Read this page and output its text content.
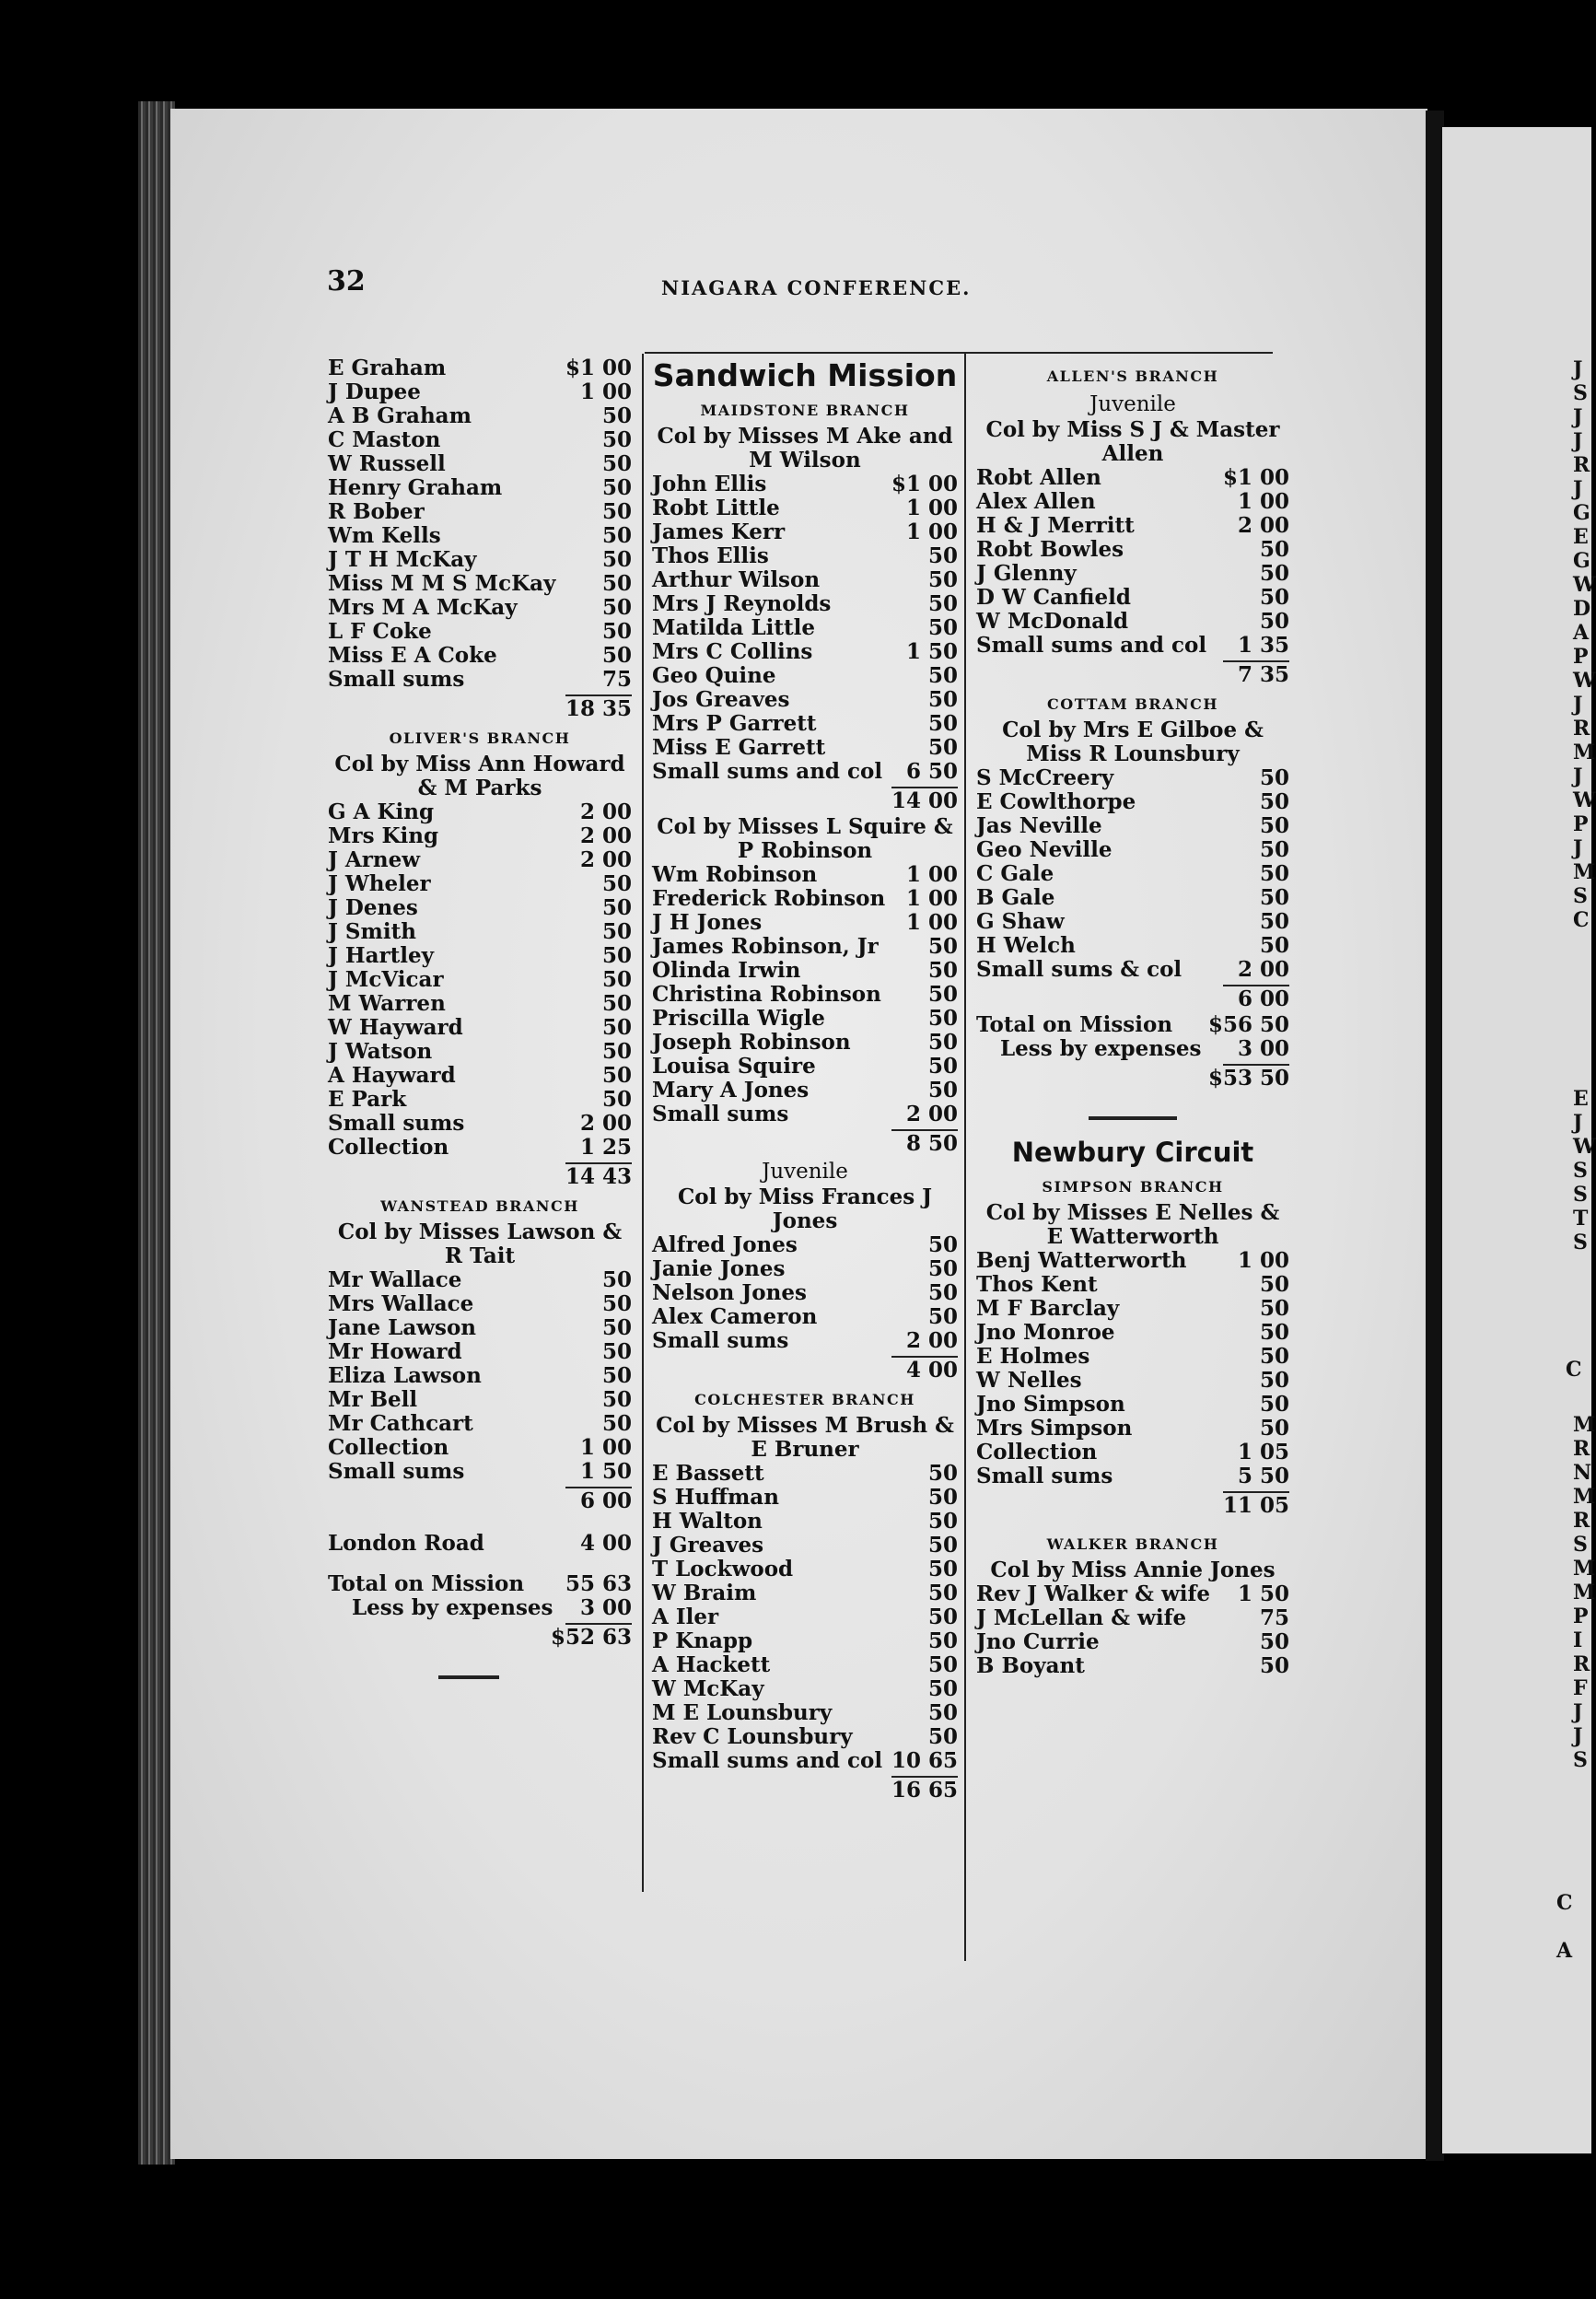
32	NIAGARA CONFERENCE.
E Graham	$1 00
J Dupee	1 00
A B Graham	50
C Maston	50
W Russell	50
Henry Graham	50
R Bober	50
Wm Kells	50
J T H McKay	50
Miss M M S McKay 50
Mrs M A McKay	50
L F Coke	50
Miss E A Coke	50
Small sums	75
18 35
OLIVER'S BRANCH
Col by Miss Ann Howard & M Parks
G A King	2 00
Mrs King	2 00
J Arnew	2 00
J Wheler	50
J Denes	50
J Smith	50
J Hartley	50
J McVicar	50
M Warren	50
W Hayward	50
J Watson	50
A Hayward	50
E Park	50
Small sums	2 00
Collection	1 25
14 43
WANSTEAD BRANCH
Col by Misses Lawson & R Tait
Mr Wallace	50
Mrs Wallace	50
Jane Lawson	50
Mr Howard	50
Eliza Lawson	50
Mr Bell	50
Mr Cathcart	50
Collection	1 00
Small sums	1 50
6 00
London Road	4 00
Total on Mission 55 63
Less by expenses 3 00
$52 63
Sandwich Mission
MAIDSTONE BRANCH
Col by Misses M Ake and M Wilson
John Ellis	$1 00
Robt Little	1 00
James Kerr	1 00
Thos Ellis	50
Arthur Wilson	50
Mrs J Reynolds	50
Matilda Little	50
Mrs C Collins	1 50
Geo Quine	50
Jos Greaves	50
Mrs P Garrett	50
Miss E Garrett	50
Small sums and col 6 50
14 00
Col by Misses L Squire & P Robinson
Wm Robinson	1 00
Frederick Robinson 1 00
J H Jones	1 00
James Robinson, Jr 50
Olinda Irwin	50
Christina Robinson 50
Priscilla Wigle	50
Joseph Robinson	50
Louisa Squire	50
Mary A Jones	50
Small sums	2 00
8 50
Juvenile
Col by Miss Frances J Jones
Alfred Jones	50
Janie Jones	50
Nelson Jones	50
Alex Cameron	50
Small sums	2 00
4 00
COLCHESTER BRANCH
Col by Misses M Brush & E Bruner
E Bassett	50
S Huffman	50
H Walton	50
J Greaves	50
T Lockwood	50
W Braim	50
A Iler	50
P Knapp	50
A Hackett	50
W McKay	50
M E Lounsbury	50
Rev C Lounsbury	50
Small sums and col 10 65
16 65
ALLEN'S BRANCH
Juvenile
Col by Miss S J & Master Allen
Robt Allen	$1 00
Alex Allen	1 00
H & J Merritt	2 00
Robt Bowles	50
J Glenny	50
D W Canfield	50
W McDonald	50
Small sums and col 1 35
7 35
COTTAM BRANCH
Col by Mrs E Gilboe & Miss R Lounsbury
S McCreery	50
E Cowlthorpe	50
Jas Neville	50
Geo Neville	50
C Gale	50
B Gale	50
G Shaw	50
H Welch	50
Small sums & col	2 00
6 00
Total on Mission $56 50
Less by expenses 3 00
$53 50
Newbury Circuit
SIMPSON BRANCH
Col by Misses E Nelles & E Watterworth
Benj Watterworth 1 00
Thos Kent	50
M F Barclay	50
Jno Monroe	50
E Holmes	50
W Nelles	50
Jno Simpson	50
Mrs Simpson	50
Collection	1 05
Small sums	5 50
11 05
WALKER BRANCH
Col by Miss Annie Jones
Rev J Walker & wife 1 50
J McLellan & wife	75
Jno Currie	50
B Boyant	50
J
S
J
J
R
J
G
E
G
W
D
A
P
W
J
R
M
J
W
P
J
M
S
C
E
J
W
S
S
T
S
C
M
R
N
M
R
S
M
M
P
I
R
F
J
J
S
C
A
